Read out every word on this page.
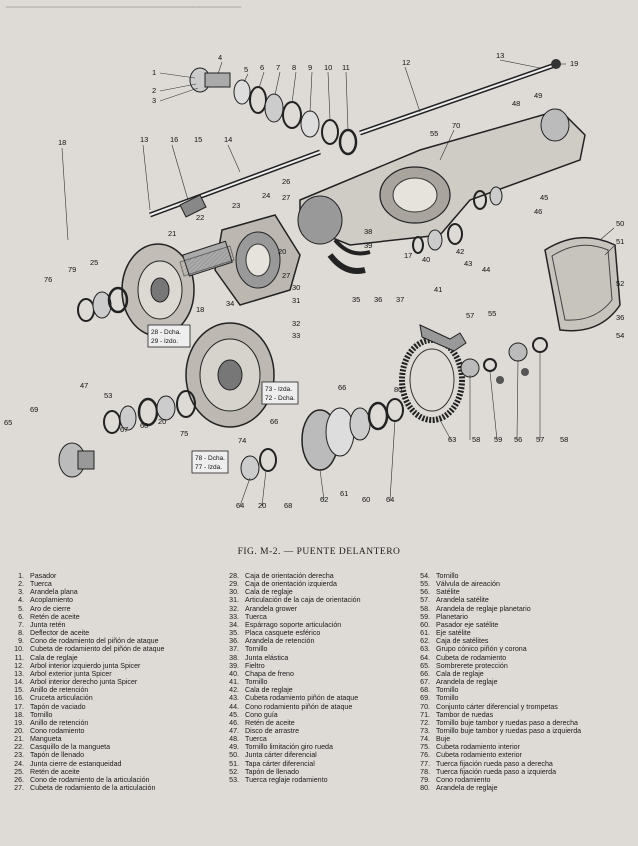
▔▔▔▔▔▔▔▔▔▔▔▔▔▔▔▔▔▔▔▔▔▔▔▔▔▔▔▔▔▔▔▔▔▔
28 - Dcha.
29 - Izdo.
73 - Izda.
72 - Dcha.
78 - Dcha.
77 - Izda.
1
2
3
4
5 6 7 8 9 10 11
12
13
19
48
49
70
55
18	13	16 15	14
26
27
24
23
22
21
25
76
79
20
27
30
31
32
33
18
34
38
39
35 36 37
41
40
17	42
43
44
45
46
50
51
52
36
54
57 55
63 58 59 56 57 58
47
53
69
65
67 60 20
75
74
66
66	80
64 20 68
62
61
60 64
FIG. M-2. — PUENTE DELANTERO
1. Pasador
2. Tuerca
3. Arandela plana
4. Acoplamiento
5. Aro de cierre
6. Retén de aceite
7. Junta retén
8. Deflector de aceite
9. Cono de rodamiento del piñón de ataque
10. Cubeta de rodamiento del piñón de ataque
11. Cala de reglaje
12. Arbol interior izquierdo junta Spicer
13. Arbol exterior junta Spicer
14. Arbol interior derecho junta Spicer
15. Anillo de retención
16. Cruceta articulación
17. Tapón de vaciado
18. Tornillo
19. Anillo de retención
20. Cono rodamiento
21. Mangueta
22. Casquillo de la mangueta
23. Tapón de llenado
24. Junta cierre de estanqueidad
25. Retén de aceite
26. Cono de rodamiento de la articulación
27. Cubeta de rodamiento de la articulación
28. Caja de orientación derecha
29. Caja de orientación izquierda
30. Cala de reglaje
31. Articulación de la caja de orientación
32. Arandela grower
33. Tuerca
34. Espárrago soporte articulación
35. Placa casquete esférico
36. Arandela de retención
37. Tornillo
38. Junta elástica
39. Fieltro
40. Chapa de freno
41. Tornillo
42. Cala de reglaje
43. Cubeta rodamiento piñón de ataque
44. Cono rodamiento piñón de ataque
45. Cono guía
46. Retén de aceite
47. Disco de arrastre
48. Tuerca
49. Tornillo limitación giro rueda
50. Junta cárter diferencial
51. Tapa cárter diferencial
52. Tapón de llenado
53. Tuerca reglaje rodamiento
54. Tornillo
55. Válvula de aireación
56. Satélite
57. Arandela satélite
58. Arandela de reglaje planetario
59. Planetario
60. Pasador eje satélite
61. Eje satélite
62. Caja de satélites
63. Grupo cónico piñón y corona
64. Cubeta de rodamiento
65. Sombrerete protección
66. Cala de reglaje
67. Arandela de reglaje
68. Tornillo
69. Tornillo
70. Conjunto cárter diferencial y trompetas
71. Tambor de ruedas
72. Tornillo buje tambor y ruedas paso a derecha
73. Tornillo buje tambor y ruedas paso a izquierda
74. Buje
75. Cubeta rodamiento interior
76. Cubeta rodamiento exterior
77. Tuerca fijación rueda paso a derecha
78. Tuerca fijación rueda paso a izquierda
79. Cono rodamiento
80. Arandela de reglaje
